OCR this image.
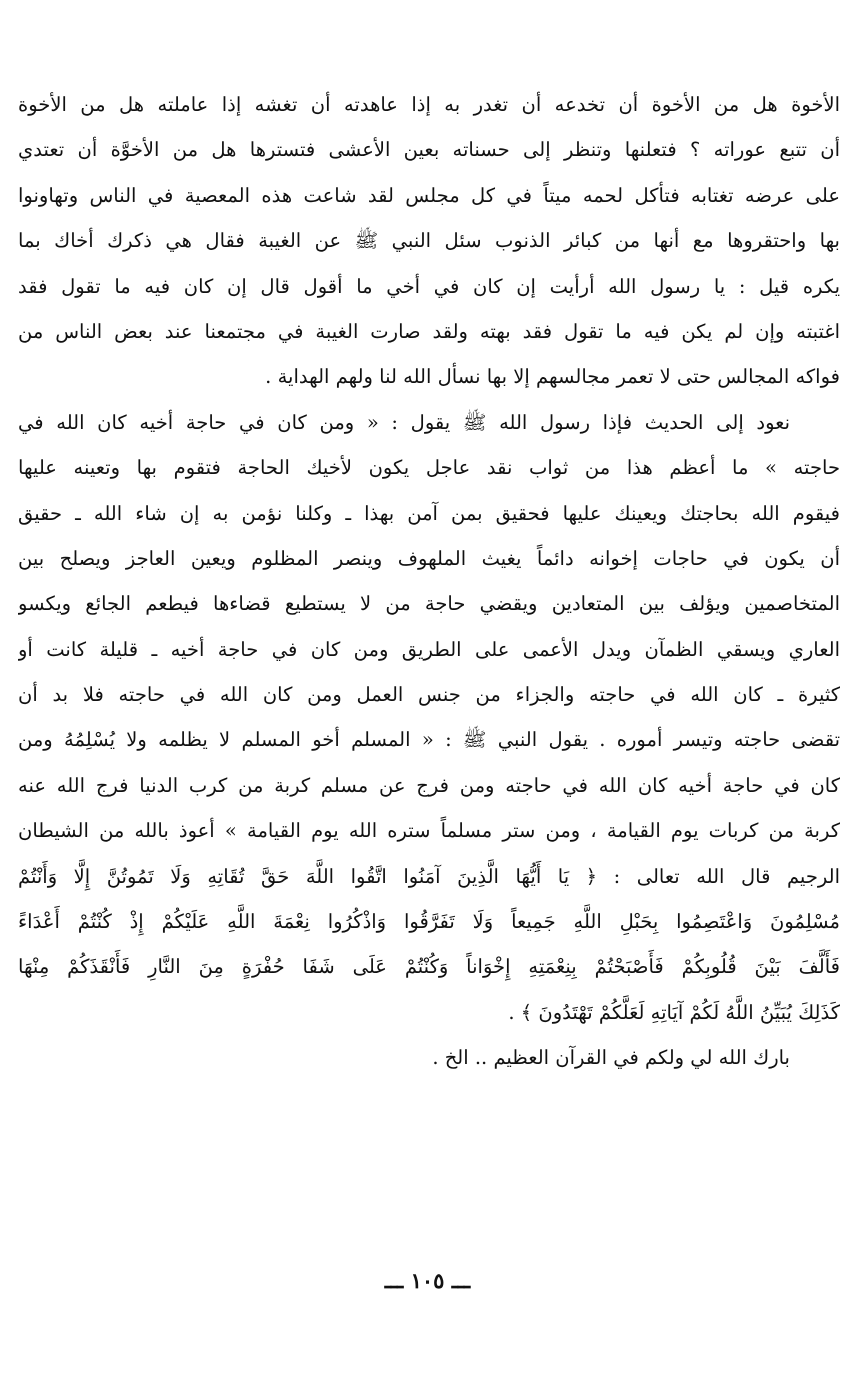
الأخوة هل من الأخوة أن تخدعه أن تغدر به إذا عاهدته أن تغشه إذا عاملته هل من الأخوة
أن تتبع عوراته ؟ فتعلنها وتنظر إلى حسناته بعين الأعشى فتسترها هل من الأخوَّة أن تعتدي
على عرضه تغتابه فتأكل لحمه ميتاً في كل مجلس لقد شاعت هذه المعصية في الناس وتهاونوا
بها واحتقروها مع أنها من كبائر الذنوب سئل النبي ﷺ عن الغيبة فقال هي ذكرك أخاك بما
يكره قيل : يا رسول الله أرأيت إن كان في أخي ما أقول قال إن كان فيه ما تقول فقد
اغتبته وإن لم يكن فيه ما تقول فقد بهته ولقد صارت الغيبة في مجتمعنا عند بعض الناس من
فواكه المجالس حتى لا تعمر مجالسهم إلا بها نسأل الله لنا ولهم الهداية .
نعود إلى الحديث فإذا رسول الله ﷺ يقول : « ومن كان في حاجة أخيه كان الله في
حاجته » ما أعظم هذا من ثواب نقد عاجل يكون لأخيك الحاجة فتقوم بها وتعينه عليها
فيقوم الله بحاجتك ويعينك عليها فحقيق بمن آمن بهذا ـ وكلنا نؤمن به إن شاء الله ـ حقيق
أن يكون في حاجات إخوانه دائماً يغيث الملهوف وينصر المظلوم ويعين العاجز ويصلح بين
المتخاصمين ويؤلف بين المتعادين ويقضي حاجة من لا يستطيع قضاءها فيطعم الجائع ويكسو
العاري ويسقي الظمآن ويدل الأعمى على الطريق ومن كان في حاجة أخيه ـ قليلة كانت أو
كثيرة ـ كان الله في حاجته والجزاء من جنس العمل ومن كان الله في حاجته فلا بد أن
تقضى حاجته وتيسر أموره . يقول النبي ﷺ : « المسلم أخو المسلم لا يظلمه ولا يُسْلِمُهُ ومن
كان في حاجة أخيه كان الله في حاجته ومن فرج عن مسلم كربة من كرب الدنيا فرج الله عنه
كربة من كربات يوم القيامة ، ومن ستر مسلماً ستره الله يوم القيامة » أعوذ بالله من الشيطان
الرجيم قال الله تعالى : ﴿ يَا أَيُّهَا الَّذِينَ آمَنُوا اتَّقُوا اللَّهَ حَقَّ تُقَاتِهِ وَلَا تَمُوتُنَّ إِلَّا وَأَنْتُمْ
مُسْلِمُونَ وَاعْتَصِمُوا بِحَبْلِ اللَّهِ جَمِيعاً وَلَا تَفَرَّقُوا وَاذْكُرُوا نِعْمَةَ اللَّهِ عَلَيْكُمْ إِذْ كُنْتُمْ أَعْدَاءً
فَأَلَّفَ بَيْنَ قُلُوبِكُمْ فَأَصْبَحْتُمْ بِنِعْمَتِهِ إِخْوَاناً وَكُنْتُمْ عَلَى شَفَا حُفْرَةٍ مِنَ النَّارِ فَأَنْقَذَكُمْ مِنْهَا
كَذَلِكَ يُبَيِّنُ اللَّهُ لَكُمْ آيَاتِهِ لَعَلَّكُمْ تَهْتَدُونَ ﴾ .
بارك الله لي ولكم في القرآن العظيم .. الخ .
ـــ ١٠٥ ـــ
